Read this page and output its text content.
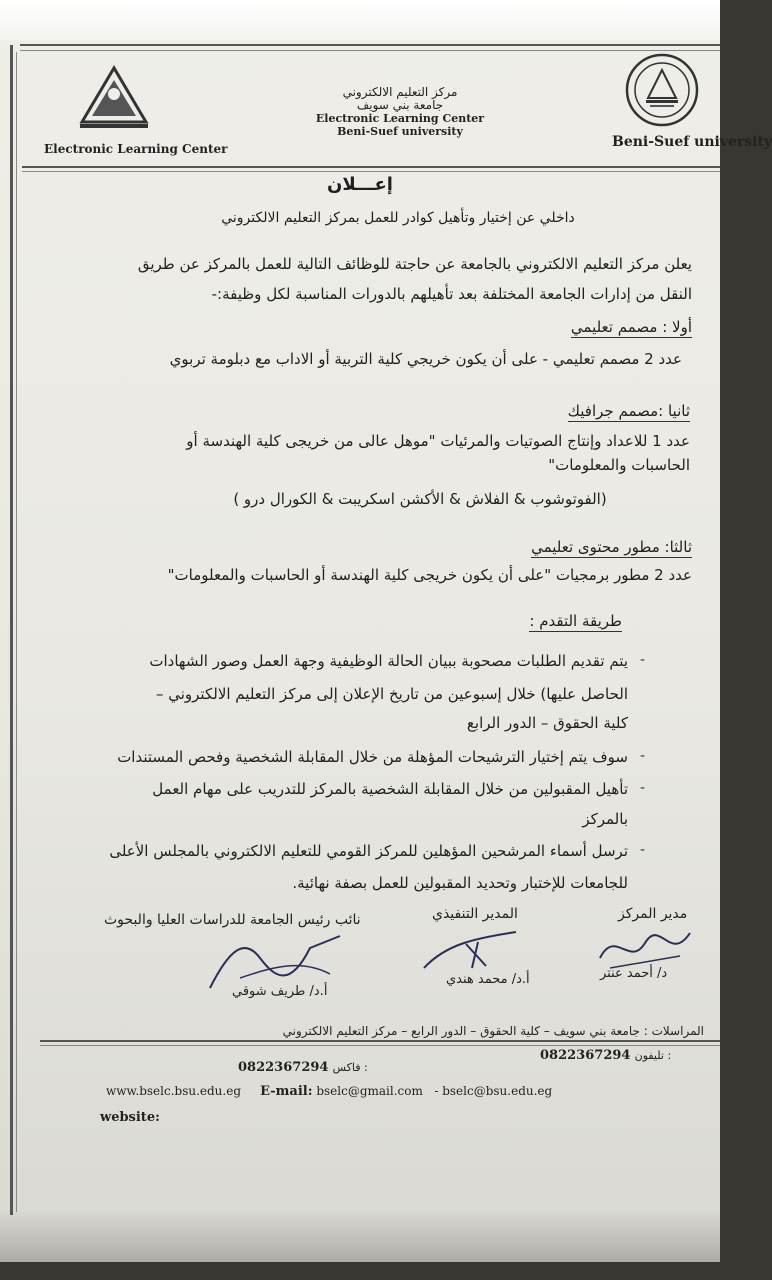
Electronic Learning Center
مركز التعليم الالكتروني
جامعة بني سويف
Electronic Learning Center
Beni-Suef university
Beni-Suef university
إعـــلان
داخلي عن إختيار وتأهيل كوادر للعمل بمركز التعليم الالكتروني
يعلن مركز التعليم الالكتروني بالجامعة عن حاجتة للوظائف التالية للعمل بالمركز عن طريق
النقل من إدارات الجامعة المختلفة بعد تأهيلهم بالدورات المناسبة لكل وظيفة:-
أولا : مصمم تعليمي
عدد 2 مصمم تعليمي - على أن يكون خريجي كلية التربية أو الاداب مع دبلومة تربوي
ثانيا :مصمم جرافيك
عدد 1 للاعداد وإنتاج الصوتيات والمرئيات "موهل عالى من خريجى كلية الهندسة أو
الحاسبات والمعلومات"
(الفوتوشوب & الفلاش & الأكشن اسكريبت & الكورال درو )
ثالثا: مطور محتوى تعليمي
عدد 2 مطور برمجيات "على أن يكون خريجى كلية الهندسة أو الحاسبات والمعلومات"
طريقة التقدم :
-
يتم تقديم الطلبات مصحوبة ببيان الحالة الوظيفية وجهة العمل وصور الشهادات
الحاصل عليها) خلال إسبوعين من تاريخ الإعلان إلى مركز التعليم الالكتروني –
كلية الحقوق – الدور الرابع
-
سوف يتم إختيار الترشيحات المؤهلة من خلال المقابلة الشخصية وفحص المستندات
-
تأهيل المقبولين من خلال المقابلة الشخصية بالمركز للتدريب على مهام العمل
بالمركز
-
ترسل أسماء المرشحين المؤهلين للمركز القومي للتعليم الالكتروني بالمجلس الأعلى
للجامعات للإختبار وتحديد المقبولين للعمل بصفة نهائية.
مدير المركز
المدير التنفيذي
نائب رئيس الجامعة للدراسات العليا والبحوث
د/ أحمد عنتر
أ.د/ محمد هندي
أ.د/ طريف شوقي
المراسلات : جامعة بني سويف – كلية الحقوق – الدور الرابع – مركز التعليم الالكتروني
0822367294 تليفون :
0822367294 فاكس :
www.bselc.bsu.edu.eg E-mail: bselc@gmail.com - bselc@bsu.edu.eg
website:
